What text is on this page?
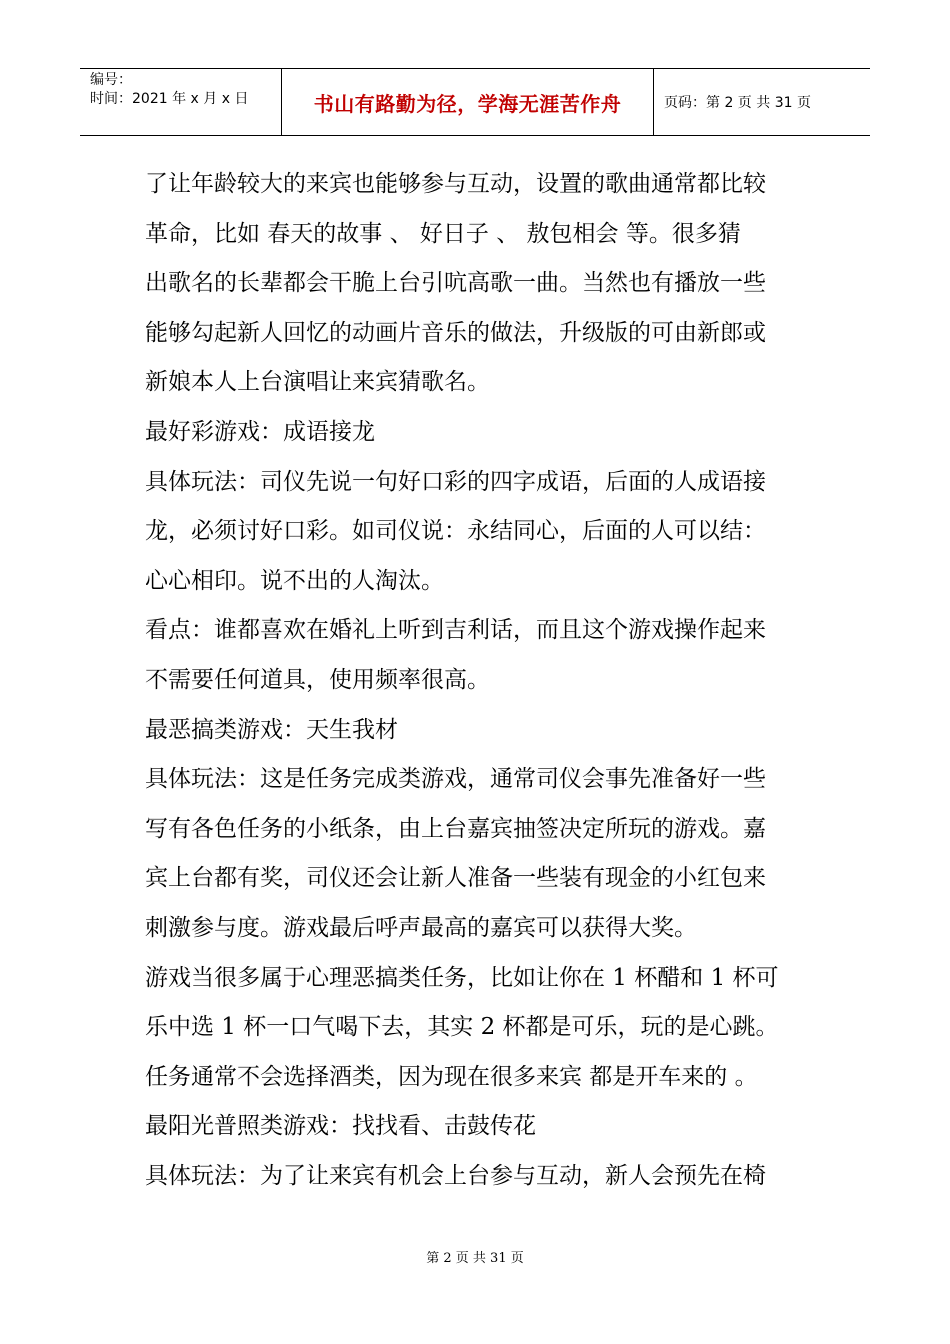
编号：
时间：2021 年 x 月 x 日	书山有路勤为径，学海无涯苦作舟	页码：第 2 页 共 31 页
了让年龄较大的来宾也能够参与互动，设置的歌曲通常都比较
革命，比如 春天的故事 、 好日子 、 敖包相会 等。很多猜
出歌名的长辈都会干脆上台引吭高歌一曲。当然也有播放一些
能够勾起新人回忆的动画片音乐的做法，升级版的可由新郎或
新娘本人上台演唱让来宾猜歌名。
最好彩游戏：成语接龙
具体玩法：司仪先说一句好口彩的四字成语，后面的人成语接
龙，必须讨好口彩。如司仪说：永结同心，后面的人可以结：
心心相印。说不出的人淘汰。
看点：谁都喜欢在婚礼上听到吉利话，而且这个游戏操作起来
不需要任何道具，使用频率很高。
最恶搞类游戏：天生我材
具体玩法：这是任务完成类游戏，通常司仪会事先准备好一些
写有各色任务的小纸条，由上台嘉宾抽签决定所玩的游戏。嘉
宾上台都有奖，司仪还会让新人准备一些装有现金的小红包来
刺激参与度。游戏最后呼声最高的嘉宾可以获得大奖。
游戏当很多属于心理恶搞类任务，比如让你在 1 杯醋和 1 杯可
乐中选 1 杯一口气喝下去，其实 2 杯都是可乐，玩的是心跳。
任务通常不会选择酒类，因为现在很多来宾 都是开车来的 。
最阳光普照类游戏：找找看、击鼓传花
具体玩法：为了让来宾有机会上台参与互动，新人会预先在椅
第 2 页 共 31 页
